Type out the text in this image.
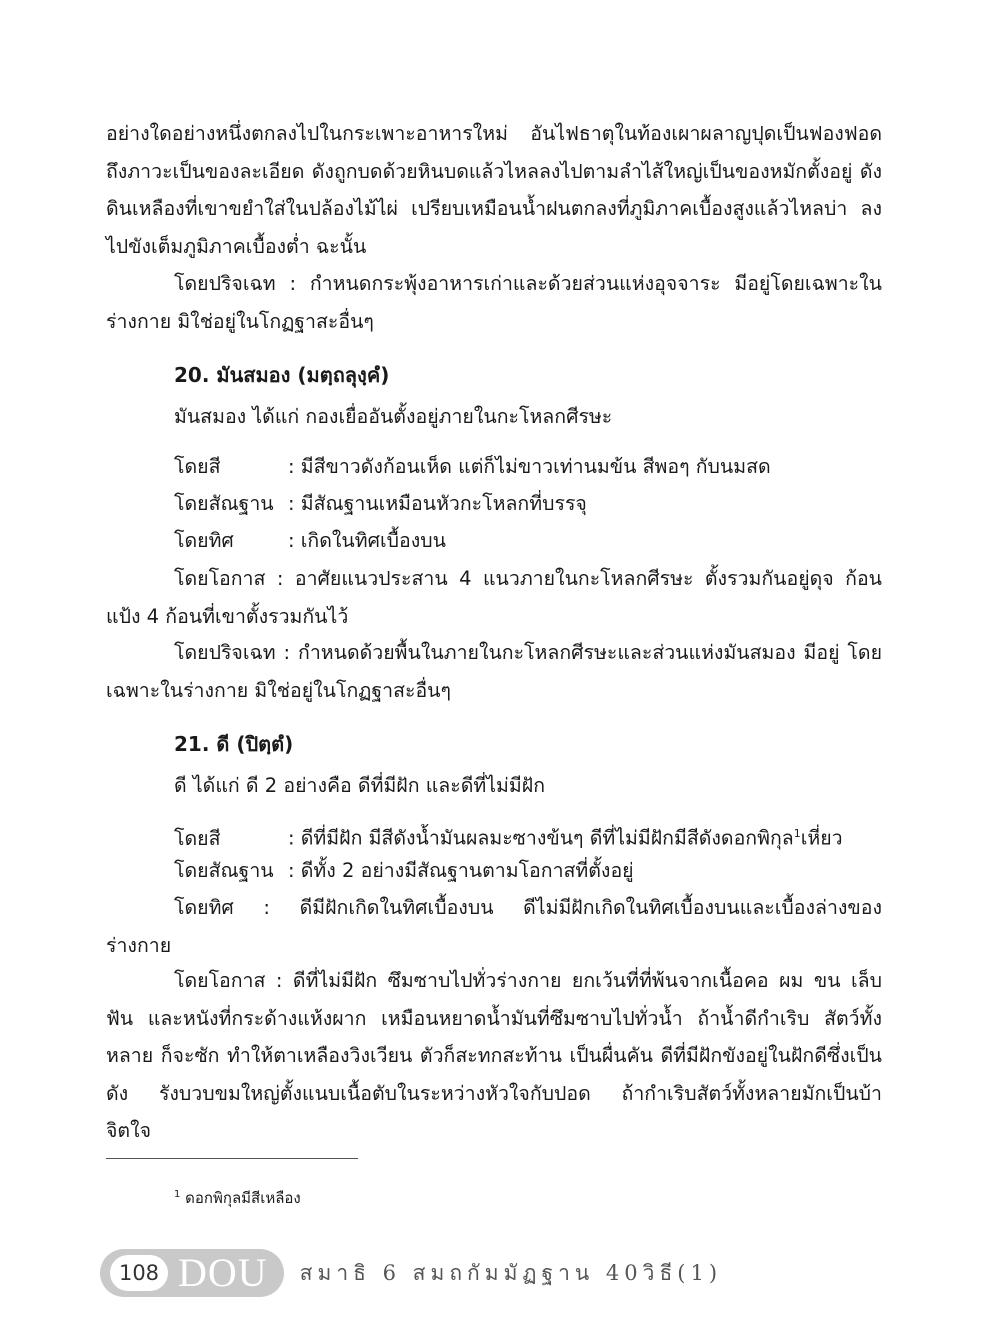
อย่างใดอย่างหนึ่งตกลงไปในกระเพาะอาหารใหม่ อันไฟธาตุในท้องเผาผลาญปุดเป็นฟองฟอด ถึงภาวะเป็นของละเอียด ดังถูกบดด้วยหินบดแล้วไหลลงไปตามลำไส้ใหญ่เป็นของหมักตั้งอยู่ ดังดินเหลืองที่เขาขยำใส่ในปล้องไม้ไผ่ เปรียบเหมือนน้ำฝนตกลงที่ภูมิภาคเบื้องสูงแล้วไหลบ่า ลงไปขังเต็มภูมิภาคเบื้องต่ำ ฉะนั้น

โดยปริจเฉท : กำหนดกระพุ้งอาหารเก่าและด้วยส่วนแห่งอุจจาระ มีอยู่โดยเฉพาะใน ร่างกาย มิใช่อยู่ในโกฏฐาสะอื่นๆ

20. มันสมอง (มตฺถลุงฺคํ)

มันสมอง ได้แก่ กองเยื่ออันตั้งอยู่ภายในกะโหลกศีรษะ

โดยสี	: มีสีขาวดังก้อนเห็ด แต่ก็ไม่ขาวเท่านมข้น สีพอๆ กับนมสด

โดยสัณฐาน : มีสัณฐานเหมือนหัวกะโหลกที่บรรจุ

โดยทิศ	: เกิดในทิศเบื้องบน

โดยโอกาส : อาศัยแนวประสาน 4 แนวภายในกะโหลกศีรษะ ตั้งรวมกันอยู่ดุจ ก้อนแป้ง 4 ก้อนที่เขาตั้งรวมกันไว้

โดยปริจเฉท : กำหนดด้วยพื้นในภายในกะโหลกศีรษะและส่วนแห่งมันสมอง มีอยู่ โดยเฉพาะในร่างกาย มิใช่อยู่ในโกฏฐาสะอื่นๆ

21. ดี (ปิตฺตํ)

ดี ได้แก่ ดี 2 อย่างคือ ดีที่มีฝัก และดีที่ไม่มีฝัก

โดยสี	: ดีที่มีฝัก มีสีดังน้ำมันผลมะซางข้นๆ ดีที่ไม่มีฝักมีสีดังดอกพิกุล$^1$เหี่ยว

โดยสัณฐาน : ดีทั้ง 2 อย่างมีสัณฐานตามโอกาสที่ตั้งอยู่

โดยทิศ : ดีมีฝักเกิดในทิศเบื้องบน ดีไม่มีฝักเกิดในทิศเบื้องบนและเบื้องล่างของ ร่างกาย

โดยโอกาส : ดีที่ไม่มีฝัก ซึมซาบไปทั่วร่างกาย ยกเว้นที่ที่พ้นจากเนื้อคอ ผม ขน เล็บ ฟัน และหนังที่กระด้างแห้งผาก เหมือนหยาดน้ำมันที่ซึมซาบไปทั่วน้ำ ถ้าน้ำดีกำเริบ สัตว์ทั้งหลาย ก็จะซัก ทำให้ตาเหลืองวิงเวียน ตัวก็สะทกสะท้าน เป็นผื่นคัน ดีที่มีฝักขังอยู่ในฝักดีซึ่งเป็นดัง รังบวบขมใหญ่ตั้งแนบเนื้อตับในระหว่างหัวใจกับปอด ถ้ากำเริบสัตว์ทั้งหลายมักเป็นบ้า จิตใจ

$^1$ ดอกพิกุลมีสีเหลือง
108 DOU สมาธิ 6 สมถกัมมัฏฐาน 40วิธี(1)
